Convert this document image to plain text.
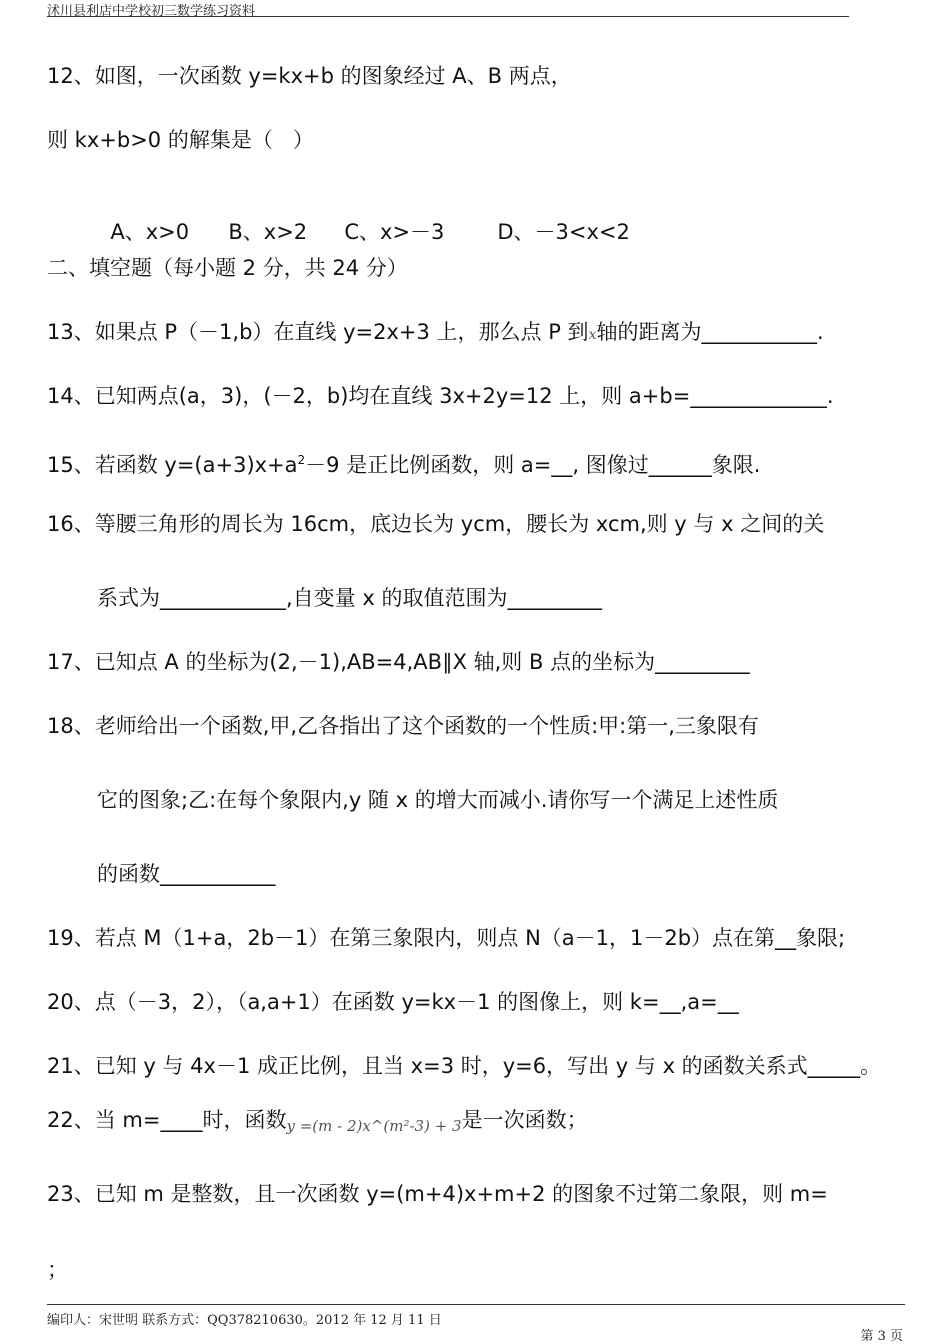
沭川县利店中学校初三数学练习资料
12、如图，一次函数 y=kx+b 的图象经过 A、B 两点，
则 kx+b>0 的解集是（   ）

A、x>0 B、x>2 C、x>－3	D、－3<x<2

二、填空题（每小题 2 分，共 24 分）
13、如果点 P（－1,b）在直线 y=2x+3 上，那么点 P 到x轴的距离为___________.
14、已知两点(a，3)，(－2，b)均在直线 3x+2y=12 上，则 a+b=_____________.
15、若函数 $y=(a+3)x+a^2-9$ 是正比例函数，则 a=__, 图像过______象限.
16、等腰三角形的周长为 16cm，底边长为 ycm，腰长为 xcm,则 y 与 x 之间的关
系式为____________,自变量 x 的取值范围为_________
17、已知点 A 的坐标为(2,－1),AB=4,AB∥X 轴,则 B 点的坐标为_________
18、老师给出一个函数,甲,乙各指出了这个函数的一个性质:甲:第一,三象限有
它的图象;乙:在每个象限内,y 随 x 的增大而减小.请你写一个满足上述性质
的函数___________
19、若点 M（1+a，2b－1）在第三象限内，则点 N（a－1，1－2b）点在第__象限;
20、点（－3，2），（a,a+1）在函数 y=kx－1 的图像上，则 k=__,a=__
21、已知 y 与 4x－1 成正比例，且当 x=3 时，y=6，写出 y 与 x 的函数关系式_____。
22、当 m=____时，函数y =(m - 2)x^(m²-3) + 3是一次函数；
23、已知 m 是整数，且一次函数 y=(m+4)x+m+2 的图象不过第二象限，则 m=
；
编印人：宋世明 联系方式：QQ378210630。2012 年 12 月 11 日
第 3 页
